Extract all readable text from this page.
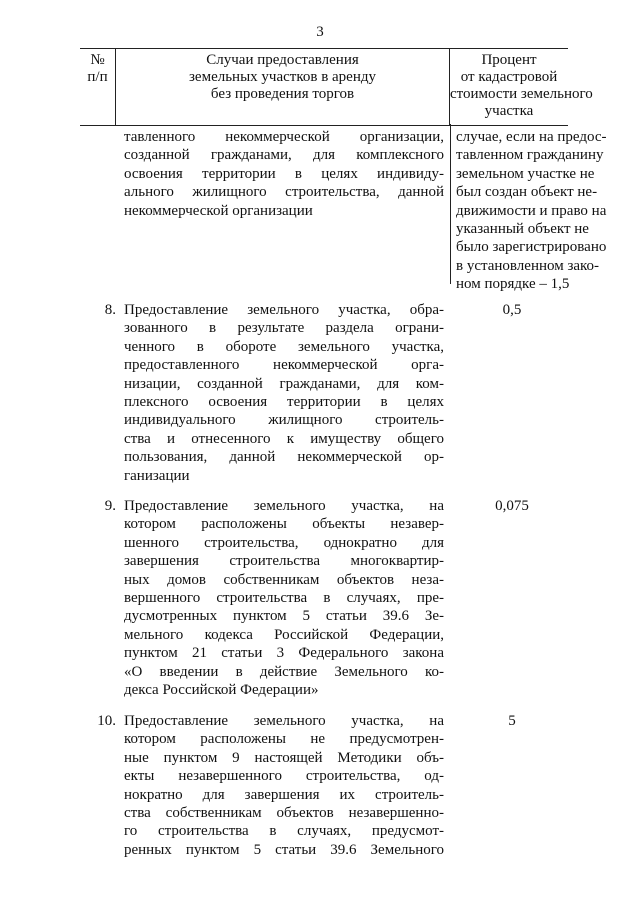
3
№
п/п
Случаи предоставления
земельных участков в аренду
без проведения торгов
Процент
от кадастровой
стоимости земельного
участка
тавленного некоммерческой организации,
созданной гражданами, для комплексного
освоения территории в целях индивиду-
ального жилищного строительства, данной
некоммерческой организации
случае, если на предос-
тавленном гражданину
земельном участке не
был создан объект не-
движимости и право на
указанный объект не
было зарегистрировано
в установленном зако-
ном порядке – 1,5
8. Предоставление земельного участка, обра-
зованного в результате раздела ограни-
ченного в обороте земельного участка,
предоставленного некоммерческой орга-
низации, созданной гражданами, для ком-
плексного освоения территории в целях
индивидуального жилищного строитель-
ства и отнесенного к имуществу общего
пользования, данной некоммерческой ор-
ганизации
0,5
9. Предоставление земельного участка, на
котором расположены объекты незавер-
шенного строительства, однократно для
завершения строительства многоквартир-
ных домов собственникам объектов неза-
вершенного строительства в случаях, пре-
дусмотренных пунктом 5 статьи 39.6 Зе-
мельного кодекса Российской Федерации,
пунктом 21 статьи 3 Федерального закона
«О введении в действие Земельного ко-
декса Российской Федерации»
0,075
10. Предоставление земельного участка, на
котором расположены не предусмотрен-
ные пунктом 9 настоящей Методики объ-
екты незавершенного строительства, од-
нократно для завершения их строитель-
ства собственникам объектов незавершенно-
го строительства в случаях, предусмот-
ренных пунктом 5 статьи 39.6 Земельного
5
